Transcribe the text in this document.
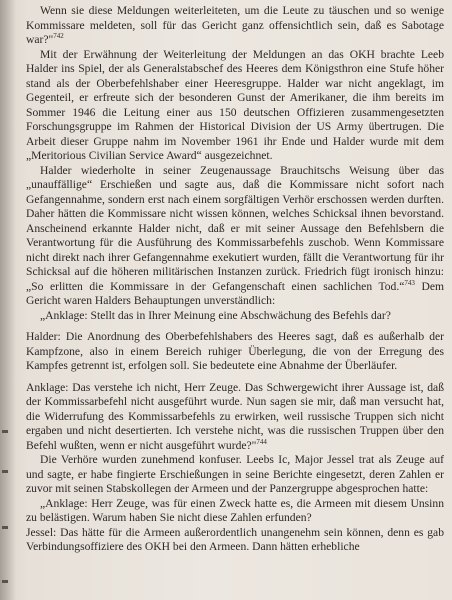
Wenn sie diese Meldungen weiterleiteten, um die Leute zu täuschen und so wenige Kommissare meldeten, soll für das Gericht ganz offensichtlich sein, daß es Sabotage war?"$^{742}$

Mit der Erwähnung der Weiterleitung der Meldungen an das OKH brachte Leeb Halder ins Spiel, der als Generalstabschef des Heeres dem Königsthron eine Stufe höher stand als der Oberbefehlshaber einer Heeresgruppe. Halder war nicht angeklagt, im Gegenteil, er erfreute sich der besonderen Gunst der Amerikaner, die ihm bereits im Sommer 1946 die Leitung einer aus 150 deutschen Offizieren zusammengesetzten Forschungsgruppe im Rahmen der Historical Division der US Army übertrugen. Die Arbeit dieser Gruppe nahm im November 1961 ihr Ende und Halder wurde mit dem „Meritorious Civilian Service Award“ ausgezeichnet.

Halder wiederholte in seiner Zeugenaussage Brauchitschs Weisung über das „unauffällige“ Erschießen und sagte aus, daß die Kommissare nicht sofort nach Gefangennahme, sondern erst nach einem sorgfältigen Verhör erschossen werden durften. Daher hätten die Kommissare nicht wissen können, welches Schicksal ihnen bevorstand. Anscheinend erkannte Halder nicht, daß er mit seiner Aussage den Befehlsbern die Verantwortung für die Ausführung des Kommissarbefehls zuschob. Wenn Kommissare nicht direkt nach ihrer Gefangennahme exekutiert wurden, fällt die Verantwortung für ihr Schicksal auf die höheren militärischen Instanzen zurück. Friedrich fügt ironisch hinzu: „So erlitten die Kommissare in der Gefangenschaft einen sachlichen Tod.“$^{743}$ Dem Gericht waren Halders Behauptungen unverständlich:

„Anklage: Stellt das in Ihrer Meinung eine Abschwächung des Befehls dar?

Halder: Die Anordnung des Oberbefehlshabers des Heeres sagt, daß es außerhalb der Kampfzone, also in einem Bereich ruhiger Überlegung, die von der Erregung des Kampfes getrennt ist, erfolgen soll. Sie bedeutete eine Abnahme der Überläufer.

Anklage: Das verstehe ich nicht, Herr Zeuge. Das Schwergewicht ihrer Aussage ist, daß der Kommissarbefehl nicht ausgeführt wurde. Nun sagen sie mir, daß man versucht hat, die Widerrufung des Kommissarbefehls zu erwirken, weil russische Truppen sich nicht ergaben und nicht desertierten. Ich verstehe nicht, was die russischen Truppen über den Befehl wußten, wenn er nicht ausgeführt wurde?"$^{744}$

Die Verhöre wurden zunehmend konfuser. Leebs Ic, Major Jessel trat als Zeuge auf und sagte, er habe fingierte Erschießungen in seine Berichte eingesetzt, deren Zahlen er zuvor mit seinen Stabskollegen der Armeen und der Panzergruppe abgesprochen hatte:

„Anklage: Herr Zeuge, was für einen Zweck hatte es, die Armeen mit diesem Unsinn zu belästigen. Warum haben Sie nicht diese Zahlen erfunden?

Jessel: Das hätte für die Armeen außerordentlich unangenehm sein können, denn es gab Verbindungsoffiziere des OKH bei den Armeen. Dann hätten erhebliche
